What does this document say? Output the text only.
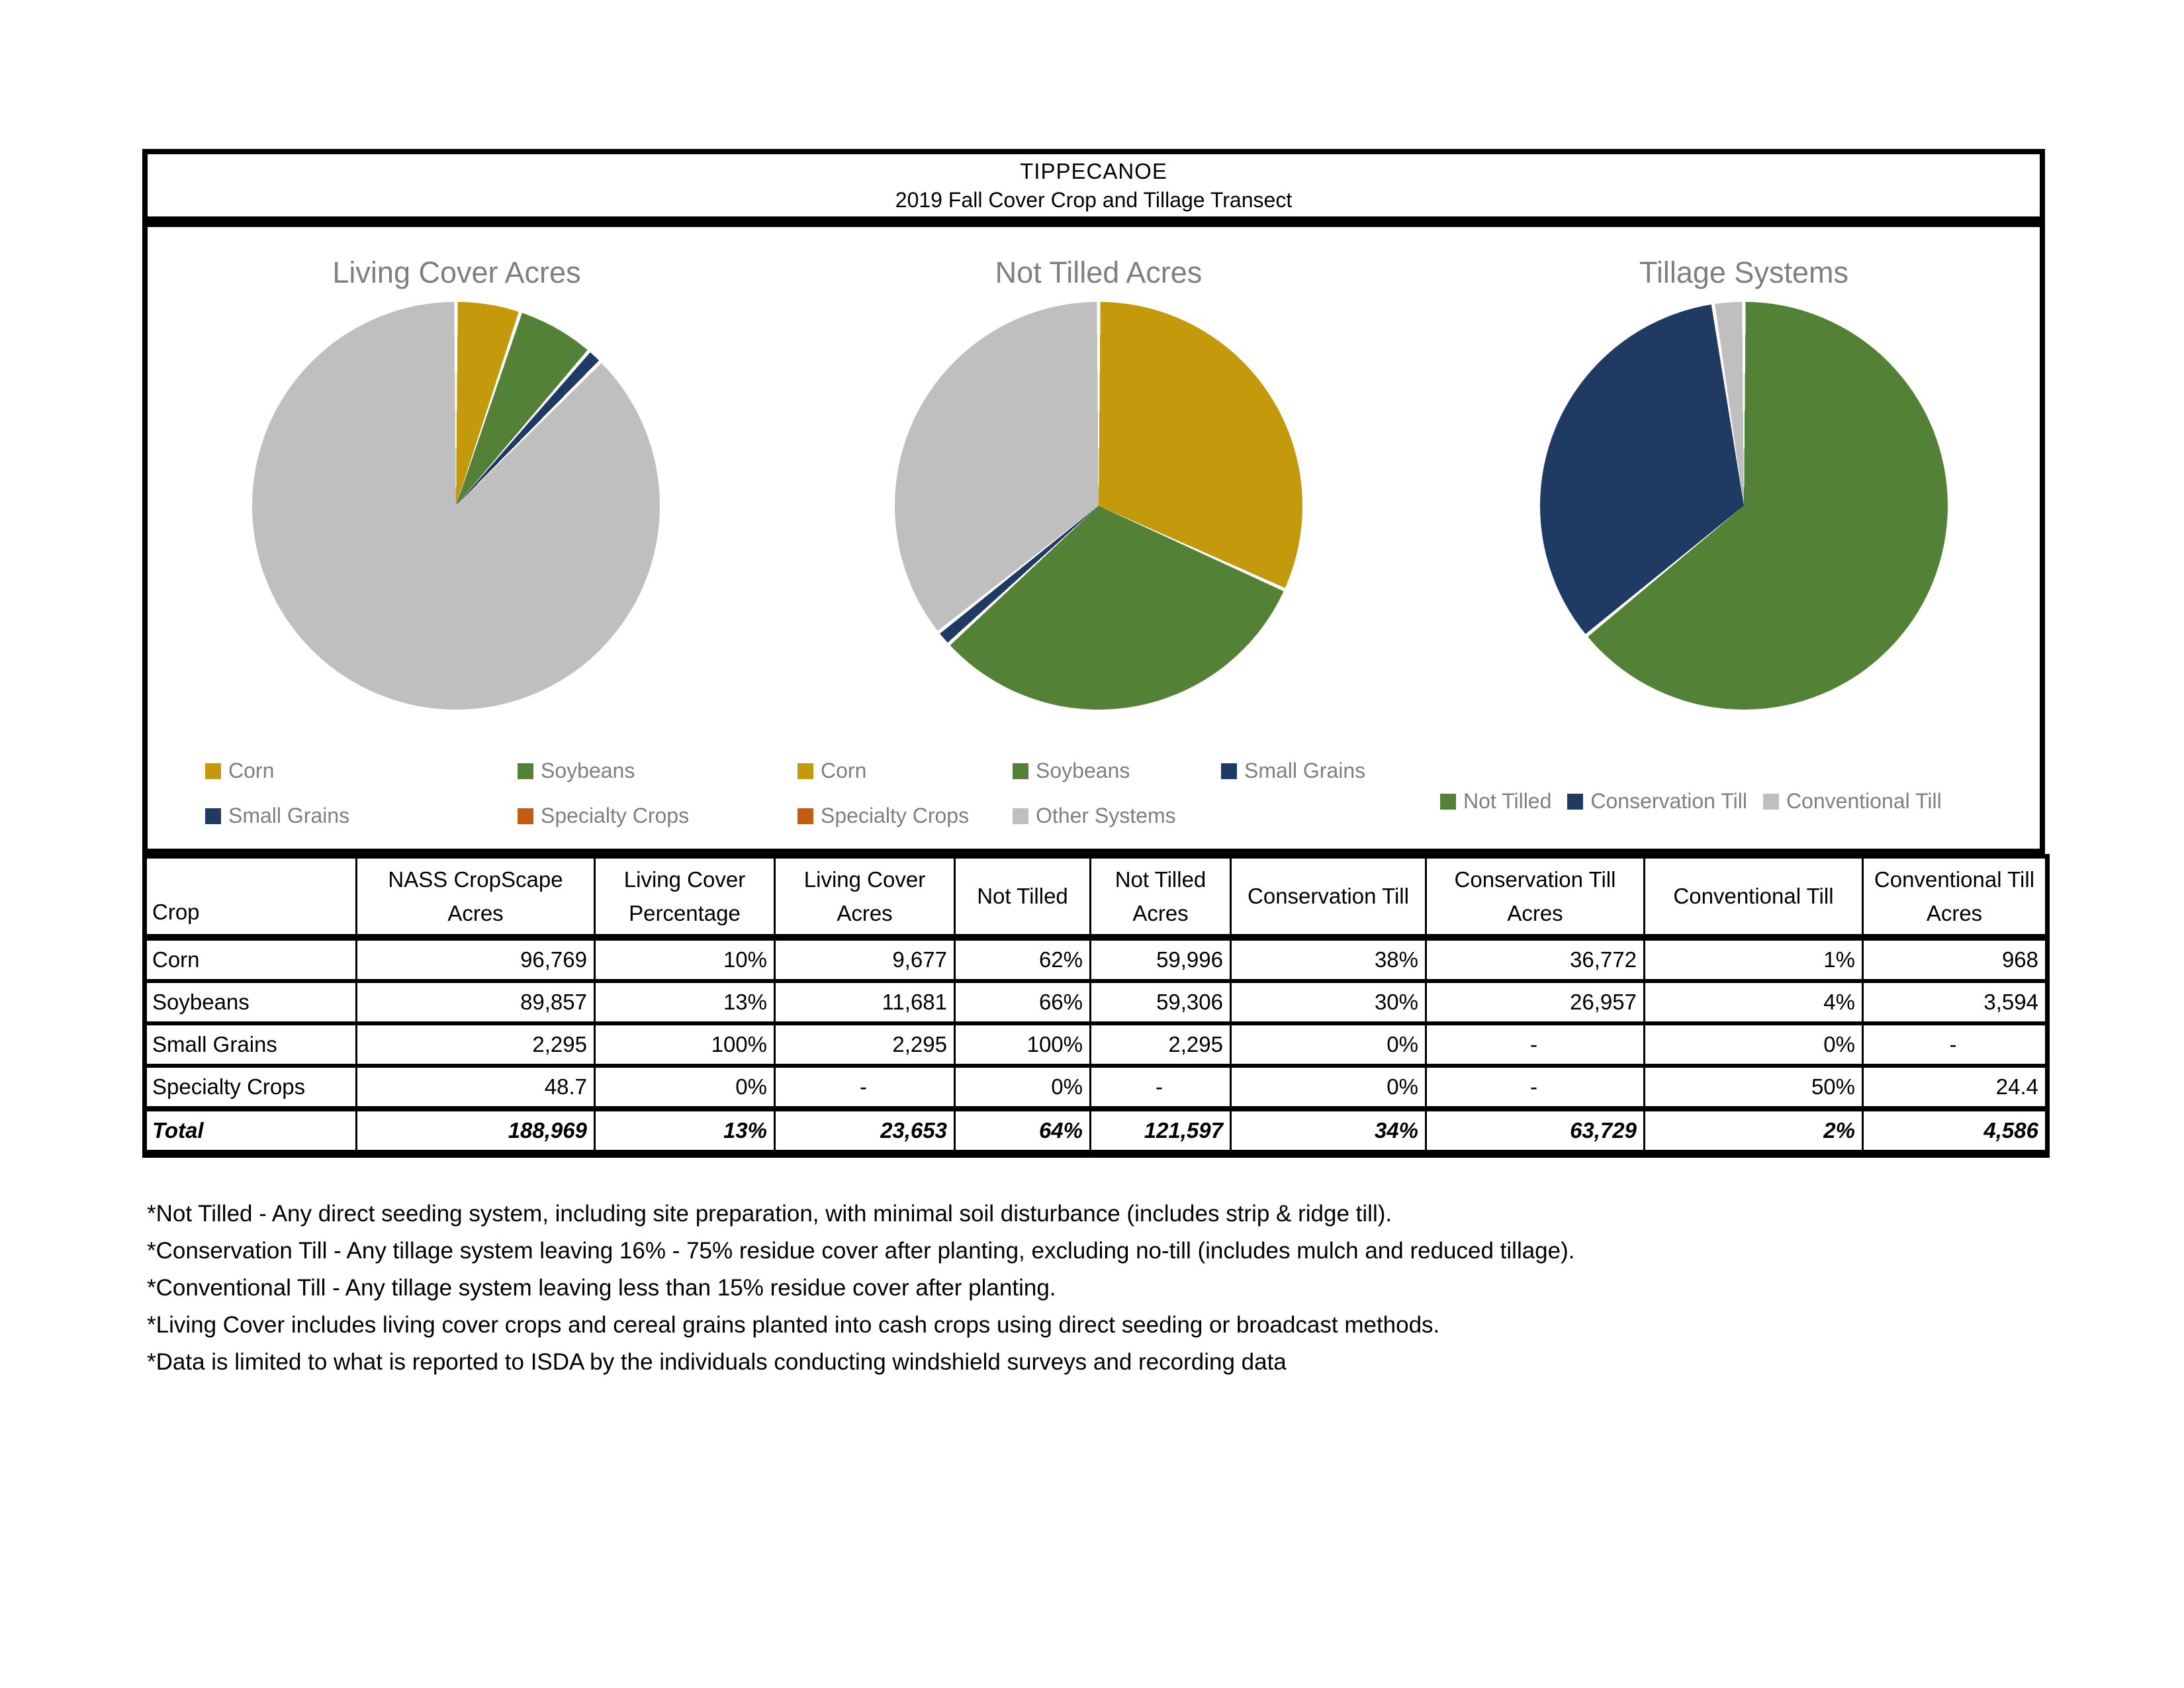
TIPPECANOE
2019 Fall Cover Crop and Tillage Transect
Living Cover Acres	Not Tilled Acres	Tillage Systems
Corn	Soybeans
Small Grains	Specialty Crops
Corn	Soybeans	Small Grains
Specialty Crops	Other Systems
Not Tilled Conservation Till Conventional Till
Crop	NASS CropScape Acres	Living Cover Percentage	Living Cover Acres	Not Tilled	Not Tilled Acres	Conservation Till	Conservation Till Acres	Conventional Till	Conventional Till Acres
Corn	96,769	10%	9,677	62%	59,996	38%	36,772	1%	968
Soybeans	89,857	13%	11,681	66%	59,306	30%	26,957	4%	3,594
Small Grains	2,295	100%	2,295	100%	2,295	0%	-	0%	-
Specialty Crops	48.7	0%	-	0%	-	0%	-	50%	24.4
Total	188,969	13%	23,653	64%	121,597	34%	63,729	2%	4,586
*Not Tilled - Any direct seeding system, including site preparation, with minimal soil disturbance (includes strip & ridge till).
*Conservation Till - Any tillage system leaving 16% - 75% residue cover after planting, excluding no-till (includes mulch and reduced tillage).
*Conventional Till - Any tillage system leaving less than 15% residue cover after planting.
*Living Cover includes living cover crops and cereal grains planted into cash crops using direct seeding or broadcast methods.
*Data is limited to what is reported to ISDA by the individuals conducting windshield surveys and recording data
